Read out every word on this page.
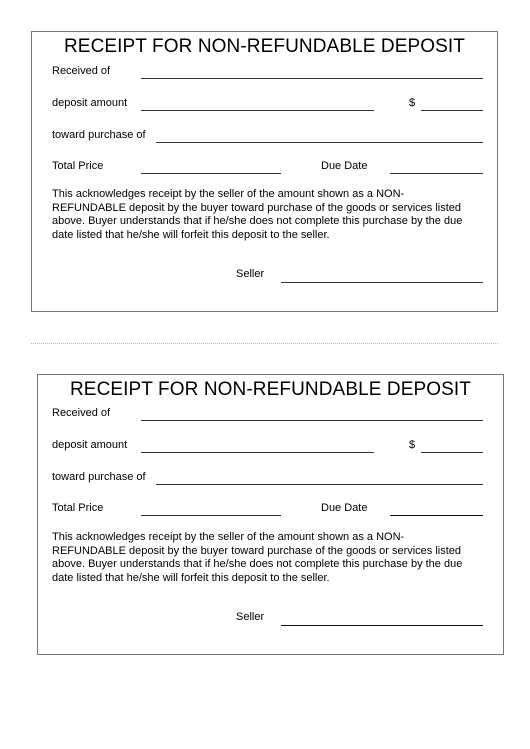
RECEIPT FOR NON-REFUNDABLE DEPOSIT
Received of
deposit amount	$
toward purchase of
Total Price	Due Date
This acknowledges receipt by the seller of the amount shown as a NON-REFUNDABLE deposit by the buyer toward purchase of the goods or services listed above. Buyer understands that if he/she does not complete this purchase by the due date listed that he/she will forfeit this deposit to the seller.
Seller
RECEIPT FOR NON-REFUNDABLE DEPOSIT
Received of
deposit amount	$
toward purchase of
Total Price	Due Date
This acknowledges receipt by the seller of the amount shown as a NON-REFUNDABLE deposit by the buyer toward purchase of the goods or services listed above. Buyer understands that if he/she does not complete this purchase by the due date listed that he/she will forfeit this deposit to the seller.
Seller
